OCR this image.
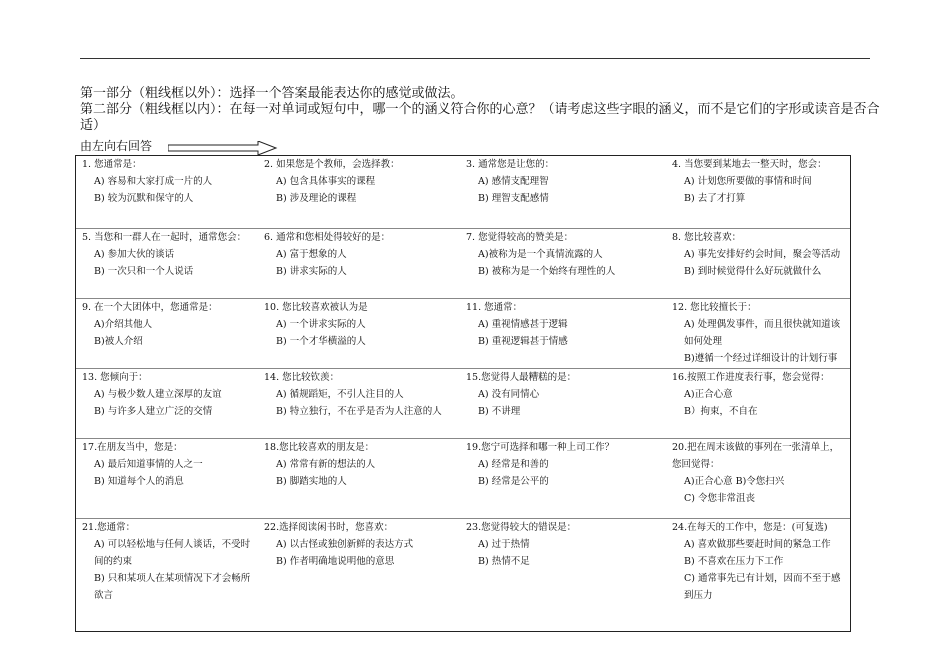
第一部分（粗线框以外）：选择一个答案最能表达你的感觉或做法。
第二部分（粗线框以内）：在每一对单词或短句中，哪一个的涵义符合你的心意？（请考虑这些字眼的涵义，而不是它们的字形或读音是否合适）
由左向右回答
1. 您通常是：
A) 容易和大家打成一片的人
B) 较为沉默和保守的人
2. 如果您是个教师，会选择教：
A) 包含具体事实的课程
B) 涉及理论的课程
3. 通常您是让您的：
A) 感情支配理智
B) 理智支配感情
4. 当您要到某地去一整天时，您会：
A) 计划您所要做的事情和时间
B) 去了才打算
5. 当您和一群人在一起时，通常您会：
A) 参加大伙的谈话
B) 一次只和一个人说话
6. 通常和您相处得较好的是：
A) 富于想象的人
B) 讲求实际的人
7. 您觉得较高的赞美是：
A)被称为是一个真情流露的人
B) 被称为是一个始终有理性的人
8. 您比较喜欢：
A) 事先安排好约会时间，聚会等活动
B) 到时候觉得什么好玩就做什么
9. 在一个大团体中，您通常是：
A)介绍其他人
B)被人介绍
10. 您比较喜欢被认为是
A) 一个讲求实际的人
B) 一个才华横溢的人
11. 您通常：
A) 重视情感甚于逻辑
B) 重视逻辑甚于情感
12. 您比较擅长于：
A) 处理偶发事件，而且很快就知道该如何处理
B)遵循一个经过详细设计的计划行事
13. 您倾向于：
A) 与极少数人建立深厚的友谊
B) 与许多人建立广泛的交情
14. 您比较钦羡：
A) 循规蹈矩，不引人注目的人
B) 特立独行，不在乎是否为人注意的人
15.您觉得人最糟糕的是：
A) 没有同情心
B) 不讲理
16.按照工作进度表行事，您会觉得：
A)正合心意
B）拘束，不自在
17.在朋友当中，您是：
A) 最后知道事情的人之一
B) 知道每个人的消息
18.您比较喜欢的朋友是：
A) 常常有新的想法的人
B) 脚踏实地的人
19.您宁可选择和哪一种上司工作？
A) 经常是和善的
B) 经常是公平的
20.把在周末该做的事列在一张清单上，您回觉得：
A)正合心意 B)令您扫兴
C) 令您非常沮丧
21.您通常：
A) 可以轻松地与任何人谈话，不受时间的约束
B) 只和某项人在某项情况下才会畅所欲言
22.选择阅读闲书时，您喜欢：
A) 以古怪或独创新鲜的表达方式
B) 作者明确地说明他的意思
23.您觉得较大的错误是：
A) 过于热情
B) 热情不足
24.在每天的工作中，您是：(可复选)
A) 喜欢做那些要赶时间的紧急工作
B) 不喜欢在压力下工作
C) 通常事先已有计划，因而不至于感到压力
